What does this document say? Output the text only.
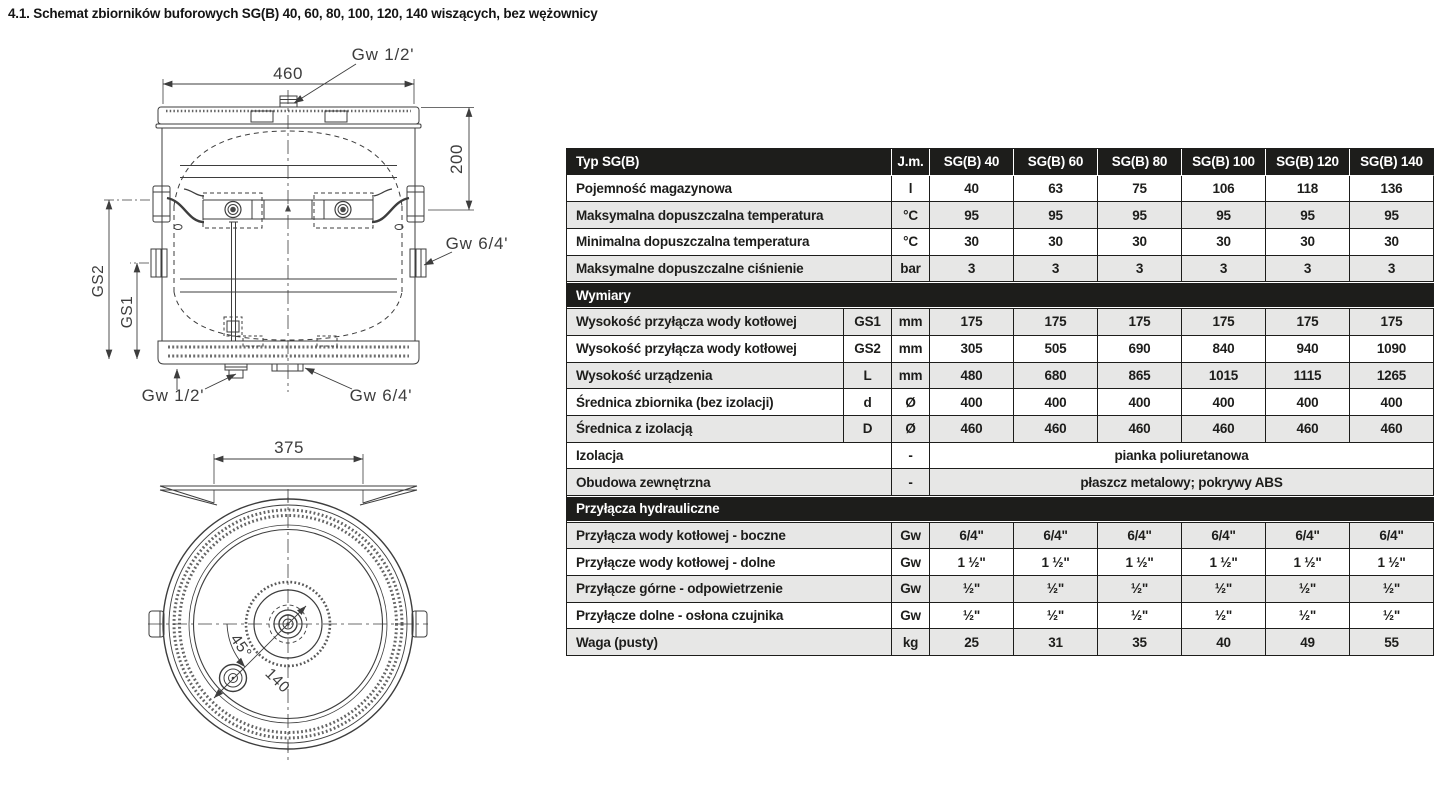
4.1. Schemat zbiorników buforowych SG(B) 40, 60, 80, 100, 120, 140 wiszących, bez wężownicy
460
Gw 1/2'
200
GS2
GS1
Gw 6/4'
Gw 1/2'	Gw 6/4'
375
45°
140
Typ SG(B)	J.m.	SG(B) 40	SG(B) 60	SG(B) 80	SG(B) 100	SG(B) 120	SG(B) 140
Pojemność magazynowa	l	40	63	75	106	118	136
Maksymalna dopuszczalna temperatura	°C	95	95	95	95	95	95
Minimalna dopuszczalna temperatura	°C	30	30	30	30	30	30
Maksymalne dopuszczalne ciśnienie	bar	3	3	3	3	3	3
Wymiary
Wysokość przyłącza wody kotłowej	GS1	mm	175	175	175	175	175	175
Wysokość przyłącza wody kotłowej	GS2	mm	305	505	690	840	940	1090
Wysokość urządzenia	L	mm	480	680	865	1015	1115	1265
Średnica zbiornika (bez izolacji)	d	Ø	400	400	400	400	400	400
Średnica z izolacją	D	Ø	460	460	460	460	460	460
Izolacja	-	pianka poliuretanowa
Obudowa zewnętrzna	-	płaszcz metalowy; pokrywy ABS
Przyłącza hydrauliczne
Przyłącza wody kotłowej - boczne	Gw	6/4"	6/4"	6/4"	6/4"	6/4"	6/4"
Przyłącze wody kotłowej - dolne	Gw	1 ½"	1 ½"	1 ½"	1 ½"	1 ½"	1 ½"
Przyłącze górne - odpowietrzenie	Gw	½"	½"	½"	½"	½"	½"
Przyłącze dolne - osłona czujnika	Gw	½"	½"	½"	½"	½"	½"
Waga (pusty)	kg	25	31	35	40	49	55
